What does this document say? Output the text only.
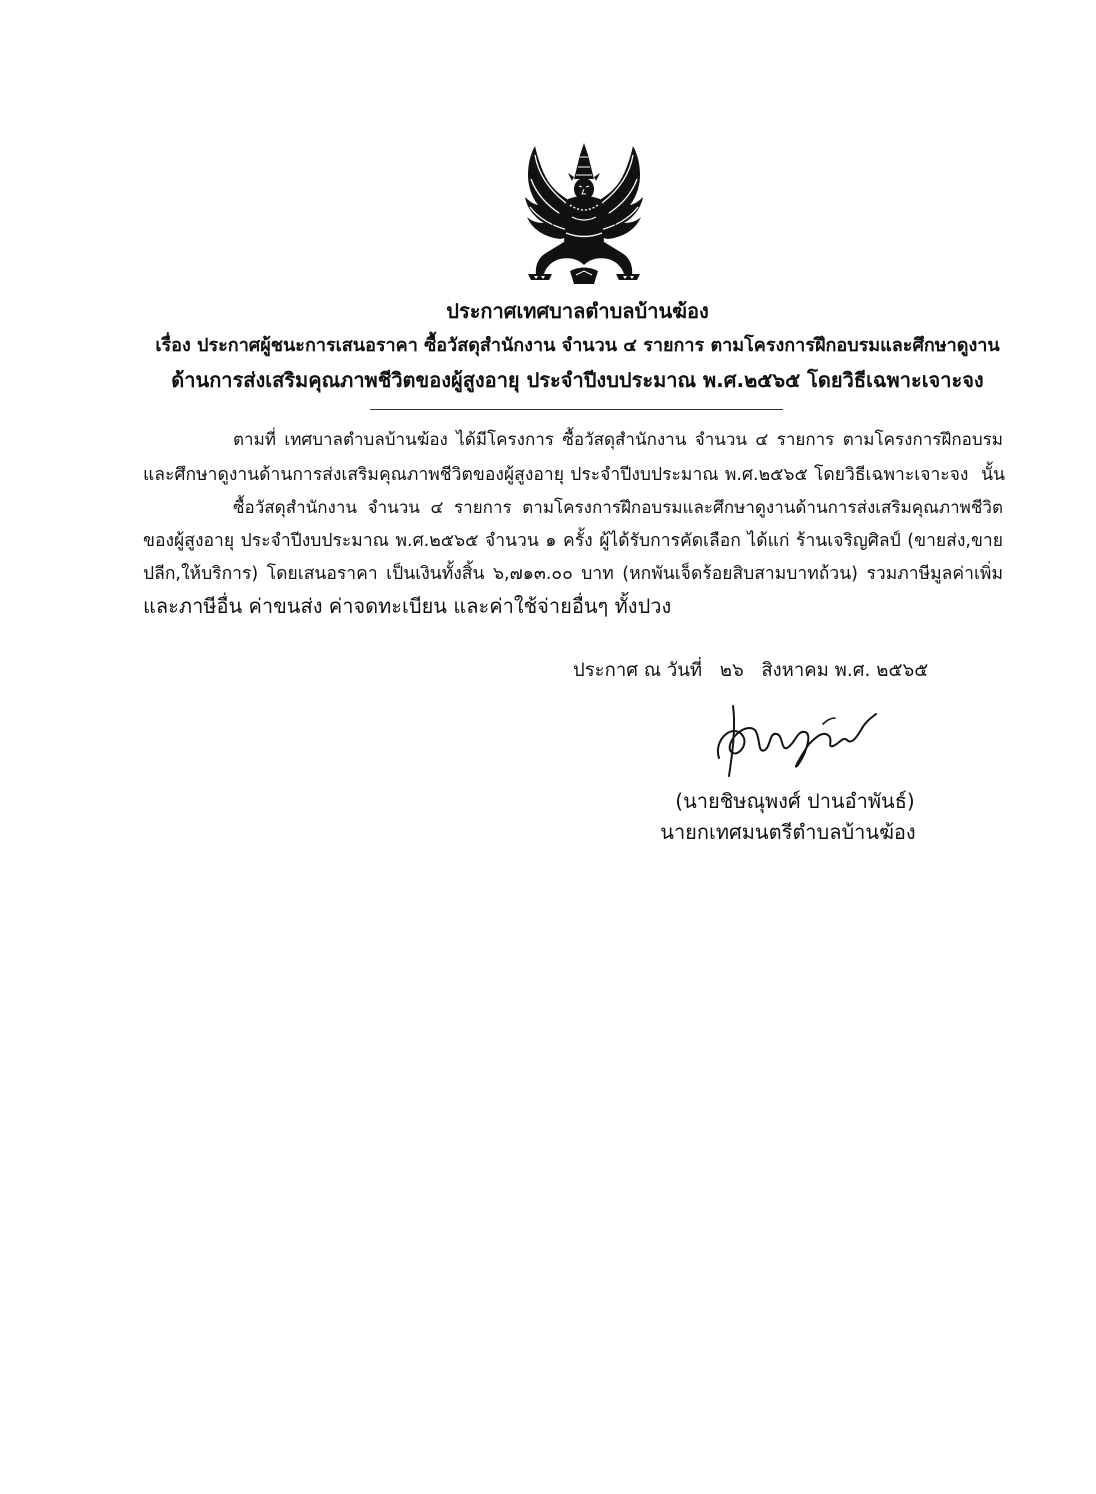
ประกาศเทศบาลตำบลบ้านฆ้อง
เรื่อง ประกาศผู้ชนะการเสนอราคา ซื้อวัสดุสำนักงาน จำนวน ๔ รายการ ตามโครงการฝึกอบรมและศึกษาดูงาน
ด้านการส่งเสริมคุณภาพชีวิตของผู้สูงอายุ ประจำปีงบประมาณ พ.ศ.๒๕๖๕ โดยวิธีเฉพาะเจาะจง
ตามที่ เทศบาลตำบลบ้านฆ้อง ได้มีโครงการ ซื้อวัสดุสำนักงาน จำนวน ๔ รายการ ตามโครงการฝึกอบรม
และศึกษาดูงานด้านการส่งเสริมคุณภาพชีวิตของผู้สูงอายุ ประจำปีงบประมาณ พ.ศ.๒๕๖๕ โดยวิธีเฉพาะเจาะจง  นั้น
ซื้อวัสดุสำนักงาน จำนวน ๔ รายการ ตามโครงการฝึกอบรมและศึกษาดูงานด้านการส่งเสริมคุณภาพชีวิต
ของผู้สูงอายุ ประจำปีงบประมาณ พ.ศ.๒๕๖๕ จำนวน ๑ ครั้ง ผู้ได้รับการคัดเลือก ได้แก่ ร้านเจริญศิลป์ (ขายส่ง,ขาย
ปลีก,ให้บริการ) โดยเสนอราคา เป็นเงินทั้งสิ้น ๖,๗๑๓.๐๐ บาท (หกพันเจ็ดร้อยสิบสามบาทถ้วน) รวมภาษีมูลค่าเพิ่ม
และภาษีอื่น ค่าขนส่ง ค่าจดทะเบียน และค่าใช้จ่ายอื่นๆ ทั้งปวง
ประกาศ ณ วันที่   ๒๖   สิงหาคม พ.ศ. ๒๕๖๕
(นายชิษณุพงศ์ ปานอำพันธ์)
นายกเทศมนตรีตำบลบ้านฆ้อง
